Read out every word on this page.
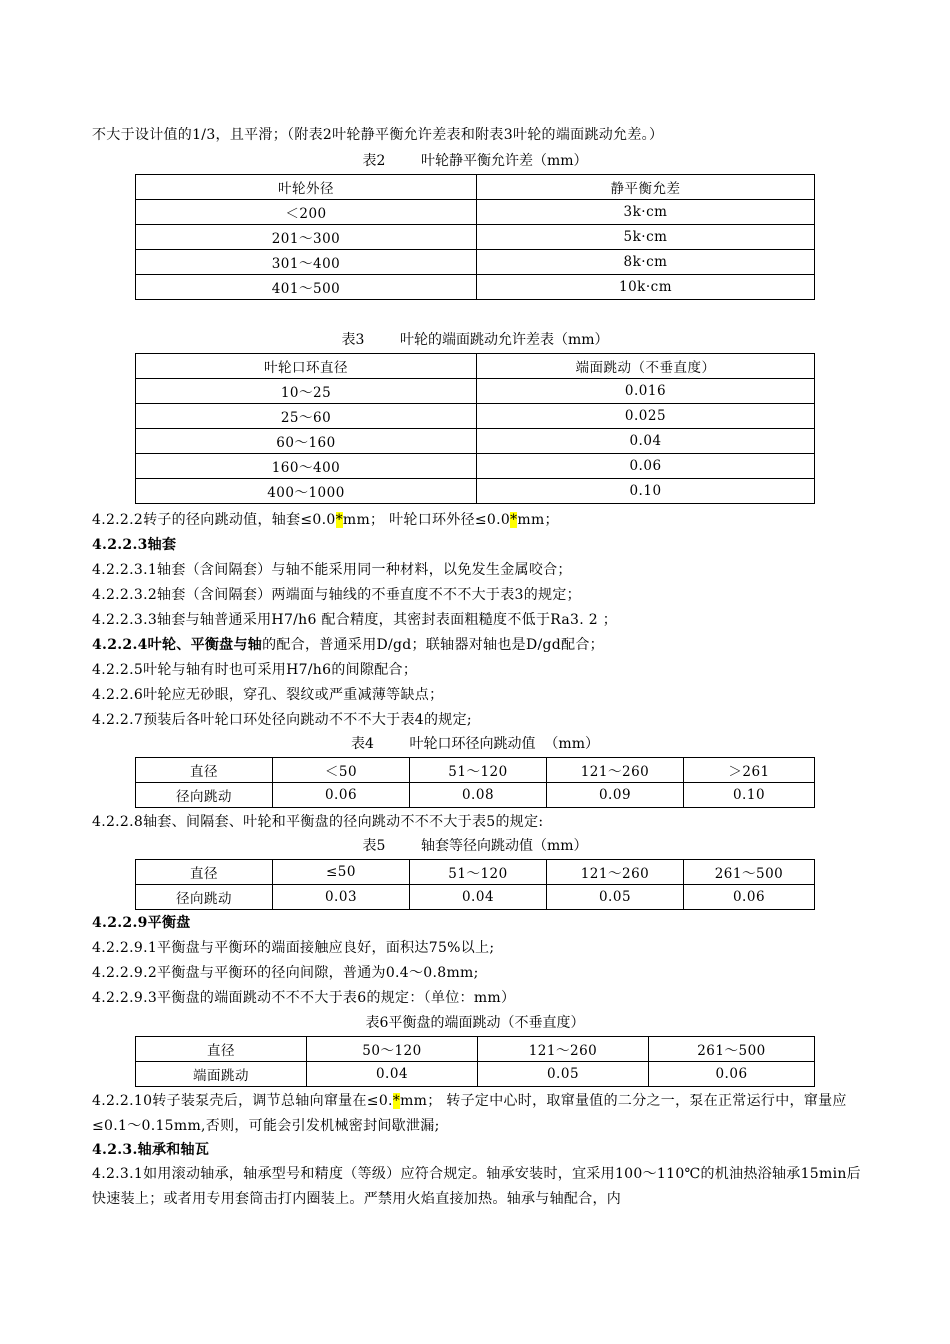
不大于设计值的1/3，且平滑；（附表2叶轮静平衡允许差表和附表3叶轮的端面跳动允差。）
表2        叶轮静平衡允许差（mm）
叶轮外径	静平衡允差
＜200	3k·cm
201～300	5k·cm
301～400	8k·cm
401～500	10k·cm
表3        叶轮的端面跳动允许差表（mm）
叶轮口环直径	端面跳动（不垂直度）
10～25	0.016
25～60	0.025
60～160	0.04
160～400	0.06
400～1000	0.10
4.2.2.2转子的径向跳动值，轴套≤0.0*mm； 叶轮口环外径≤0.0*mm；
4.2.2.3轴套
4.2.2.3.1轴套（含间隔套）与轴不能采用同一种材料，以免发生金属咬合；
4.2.2.3.2轴套（含间隔套）两端面与轴线的不垂直度不不不大于表3的规定；
4.2.2.3.3轴套与轴普通采用H7/h6 配合精度，其密封表面粗糙度不低于Ra3. 2 ；
4.2.2.4叶轮、平衡盘与轴的配合，普通采用D/gd；联轴器对轴也是D/gd配合；
4.2.2.5叶轮与轴有时也可采用H7/h6的间隙配合；
4.2.2.6叶轮应无砂眼，穿孔、裂纹或严重减薄等缺点；
4.2.2.7预装后各叶轮口环处径向跳动不不不大于表4的规定;
表4        叶轮口环径向跳动值  （mm）
直径	＜50	51～120	121～260	＞261
径向跳动	0.06	0.08	0.09	0.10
4.2.2.8轴套、间隔套、叶轮和平衡盘的径向跳动不不不大于表5的规定:
表5        轴套等径向跳动值（mm）
直径	≤50	51～120	121～260	261～500
径向跳动	0.03	0.04	0.05	0.06
4.2.2.9平衡盘
4.2.2.9.1平衡盘与平衡环的端面接触应良好，面积达75%以上;
4.2.2.9.2平衡盘与平衡环的径向间隙，普通为0.4～0.8mm;
4.2.2.9.3平衡盘的端面跳动不不不大于表6的规定：（单位：mm）
表6平衡盘的端面跳动（不垂直度）
直径	50～120	121～260	261～500
端面跳动	0.04	0.05	0.06
4.2.2.10转子装泵壳后，调节总轴向窜量在≤0.*mm； 转子定中心时，取窜量值的二分之一，泵在正常运行中，窜量应≤0.1～0.15mm,否则，可能会引发机械密封间歇泄漏;
4.2.3.轴承和轴瓦
4.2.3.1如用滚动轴承，轴承型号和精度（等级）应符合规定。轴承安装时，宜采用100～110℃的机油热浴轴承15min后快速装上；或者用专用套筒击打内圈装上。严禁用火焰直接加热。轴承与轴配合，内
